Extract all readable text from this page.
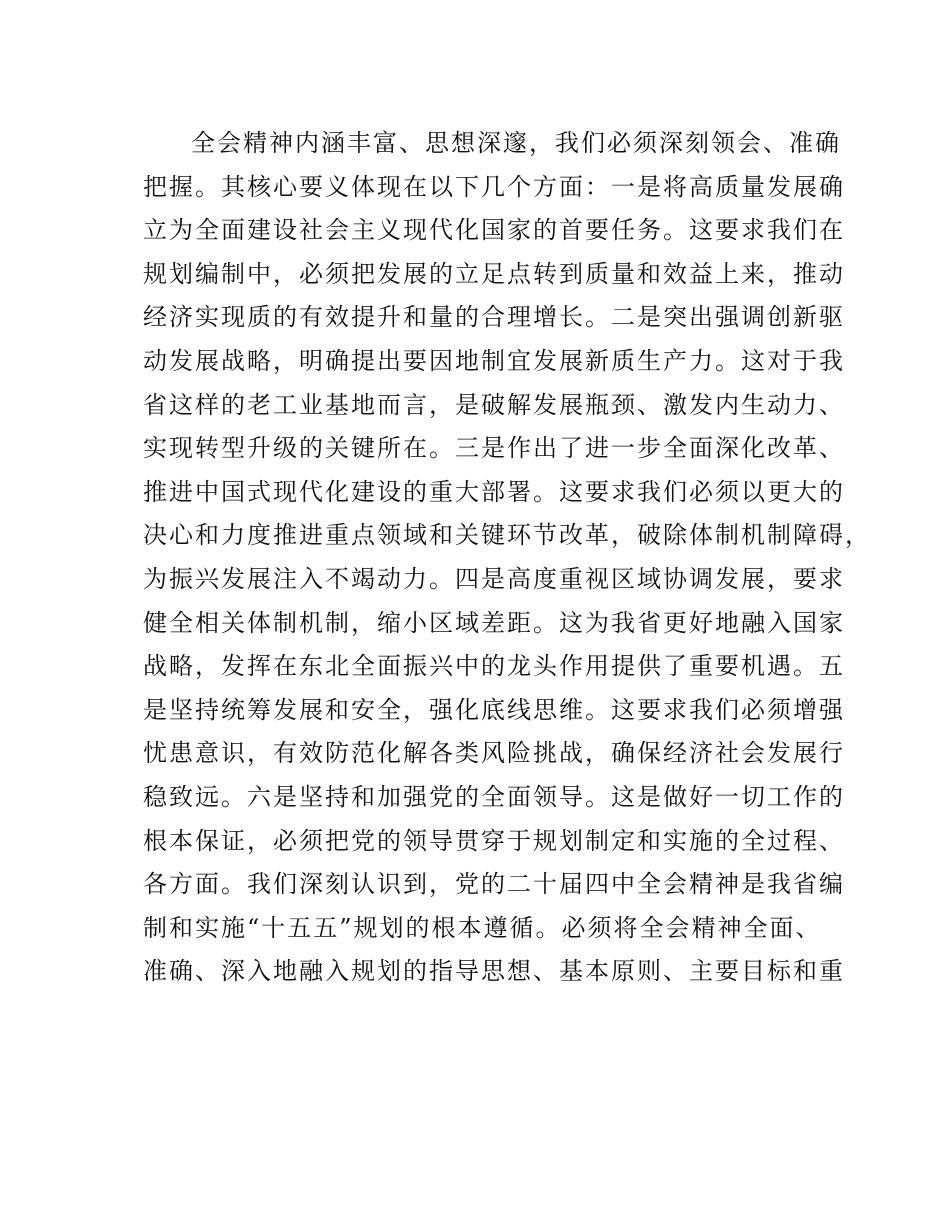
全会精神内涵丰富、思想深邃，我们必须深刻领会、准确

把握。其核心要义体现在以下几个方面：一是将高质量发展确

立为全面建设社会主义现代化国家的首要任务。这要求我们在

规划编制中，必须把发展的立足点转到质量和效益上来，推动

经济实现质的有效提升和量的合理增长。二是突出强调创新驱

动发展战略，明确提出要因地制宜发展新质生产力。这对于我

省这样的老工业基地而言，是破解发展瓶颈、激发内生动力、

实现转型升级的关键所在。三是作出了进一步全面深化改革、

推进中国式现代化建设的重大部署。这要求我们必须以更大的

决心和力度推进重点领域和关键环节改革，破除体制机制障碍，

为振兴发展注入不竭动力。四是高度重视区域协调发展，要求

健全相关体制机制，缩小区域差距。这为我省更好地融入国家

战略，发挥在东北全面振兴中的龙头作用提供了重要机遇。五

是坚持统筹发展和安全，强化底线思维。这要求我们必须增强

忧患意识，有效防范化解各类风险挑战，确保经济社会发展行

稳致远。六是坚持和加强党的全面领导。这是做好一切工作的

根本保证，必须把党的领导贯穿于规划制定和实施的全过程、

各方面。我们深刻认识到，党的二十届四中全会精神是我省编

制和实施“十五五”规划的根本遵循。必须将全会精神全面、

准确、深入地融入规划的指导思想、基本原则、主要目标和重
